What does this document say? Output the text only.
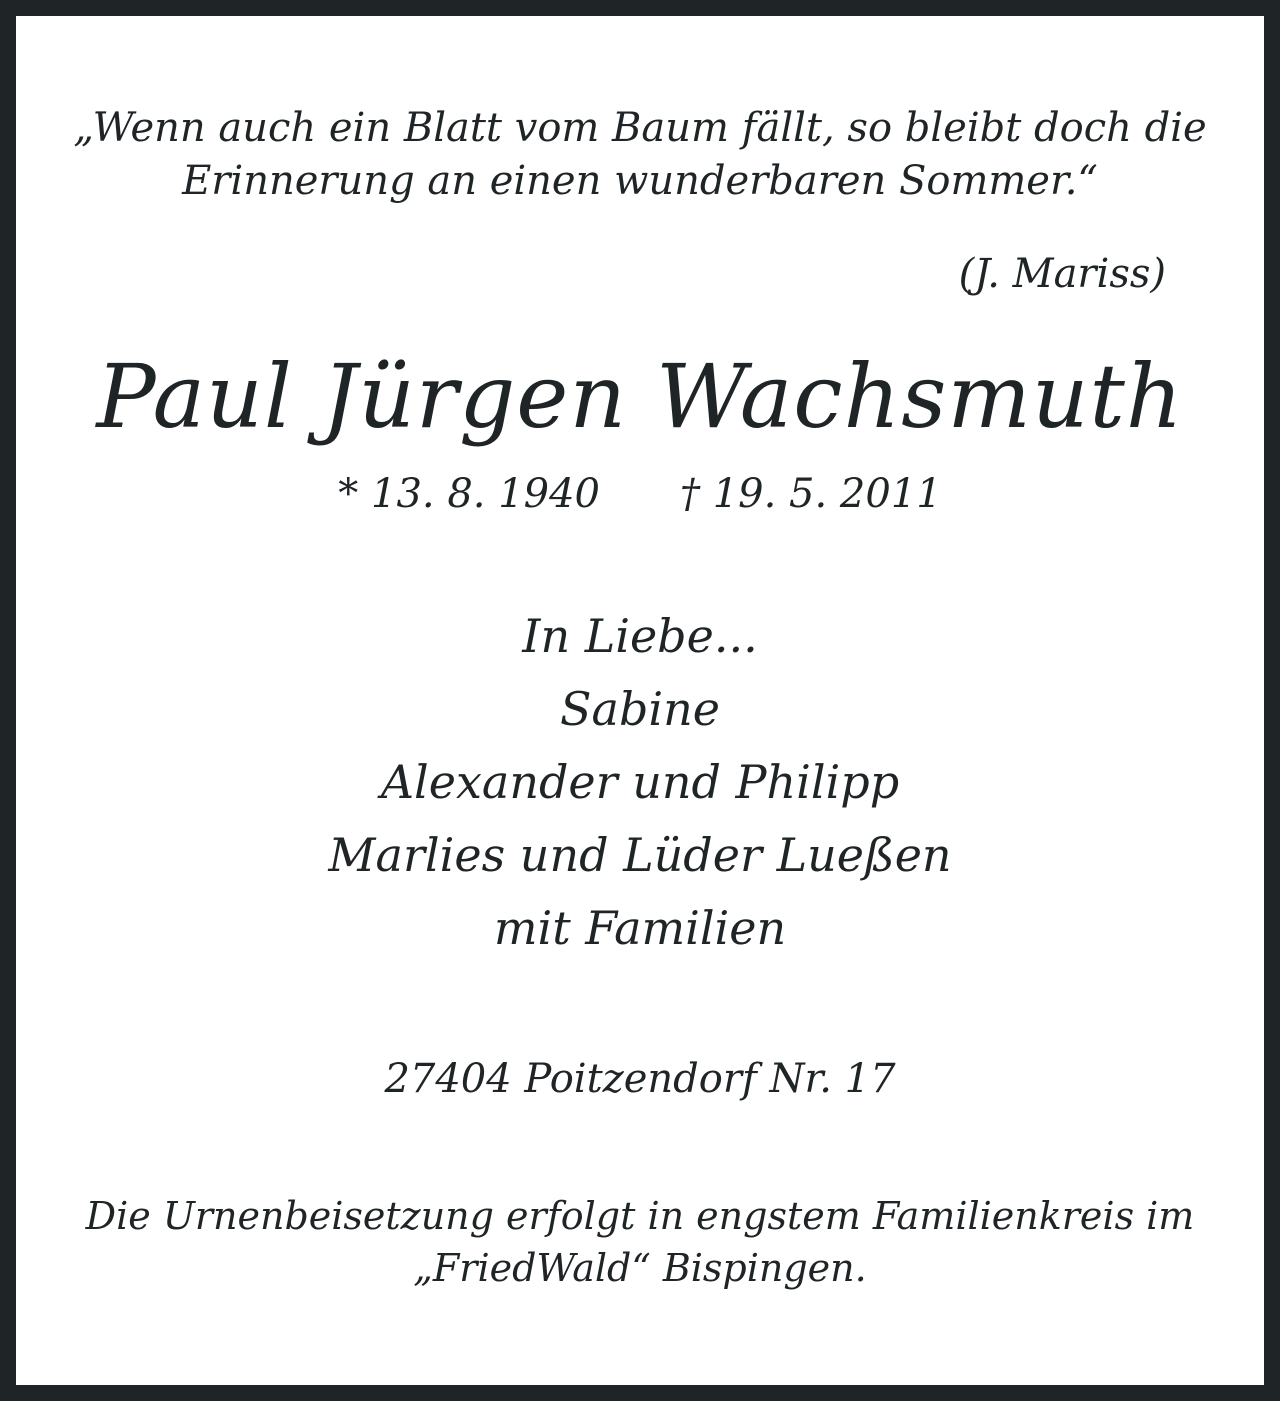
„Wenn auch ein Blatt vom Baum fällt, so bleibt doch die

Erinnerung an einen wunderbaren Sommer.“

(J. Mariss)

Paul Jürgen Wachsmuth

* 13. 8. 1940 † 19. 5. 2011

In Liebe...

Sabine

Alexander und Philipp

Marlies und Lüder Lueßen

mit Familien

27404 Poitzendorf Nr. 17

Die Urnenbeisetzung erfolgt in engstem Familienkreis im

„FriedWald“ Bispingen.
